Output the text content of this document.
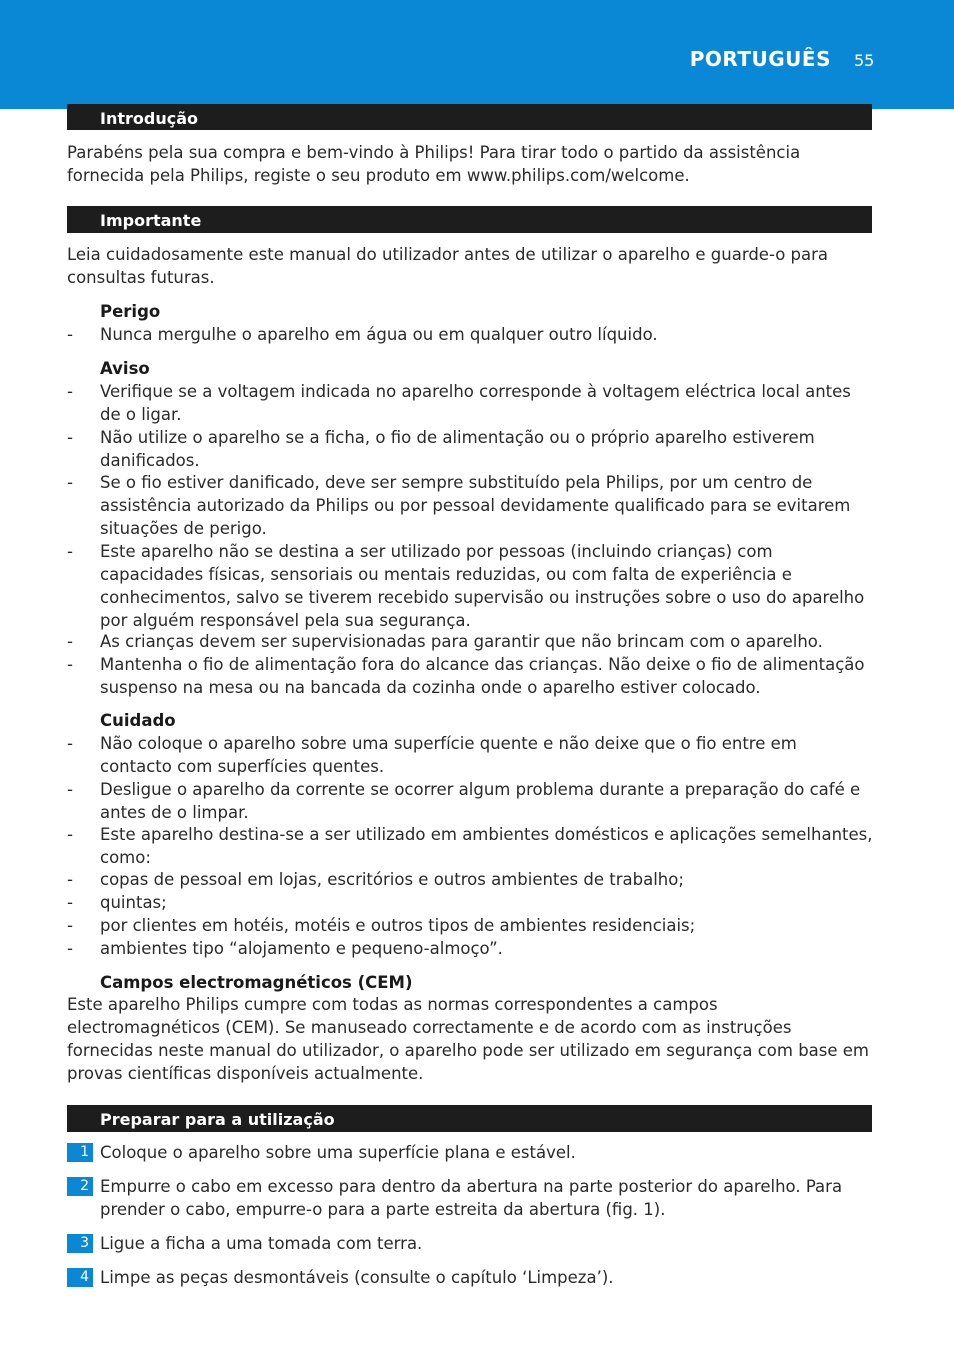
PORTUGUÊS 55
Introdução
Parabéns pela sua compra e bem-vindo à Philips! Para tirar todo o partido da assistência fornecida pela Philips, registe o seu produto em www.philips.com/welcome.
Importante
Leia cuidadosamente este manual do utilizador antes de utilizar o aparelho e guarde-o para consultas futuras.
Perigo
-	Nunca mergulhe o aparelho em água ou em qualquer outro líquido.
Aviso
-	Verifique se a voltagem indicada no aparelho corresponde à voltagem eléctrica local antes de o ligar.
-	Não utilize o aparelho se a ficha, o fio de alimentação ou o próprio aparelho estiverem danificados.
-	Se o fio estiver danificado, deve ser sempre substituído pela Philips, por um centro de assistência autorizado da Philips ou por pessoal devidamente qualificado para se evitarem situações de perigo.
-	Este aparelho não se destina a ser utilizado por pessoas (incluindo crianças) com capacidades físicas, sensoriais ou mentais reduzidas, ou com falta de experiência e conhecimentos, salvo se tiverem recebido supervisão ou instruções sobre o uso do aparelho por alguém responsável pela sua segurança.
-	As crianças devem ser supervisionadas para garantir que não brincam com o aparelho.
-	Mantenha o fio de alimentação fora do alcance das crianças. Não deixe o fio de alimentação suspenso na mesa ou na bancada da cozinha onde o aparelho estiver colocado.
Cuidado
-	Não coloque o aparelho sobre uma superfície quente e não deixe que o fio entre em contacto com superfícies quentes.
-	Desligue o aparelho da corrente se ocorrer algum problema durante a preparação do café e antes de o limpar.
-	Este aparelho destina-se a ser utilizado em ambientes domésticos e aplicações semelhantes, como:
-	copas de pessoal em lojas, escritórios e outros ambientes de trabalho;
-	quintas;
-	por clientes em hotéis, motéis e outros tipos de ambientes residenciais;
-	ambientes tipo “alojamento e pequeno-almoço”.
Campos electromagnéticos (CEM)
Este aparelho Philips cumpre com todas as normas correspondentes a campos electromagnéticos (CEM). Se manuseado correctamente e de acordo com as instruções fornecidas neste manual do utilizador, o aparelho pode ser utilizado em segurança com base em provas científicas disponíveis actualmente.
Preparar para a utilização
1 Coloque o aparelho sobre uma superfície plana e estável.
2 Empurre o cabo em excesso para dentro da abertura na parte posterior do aparelho. Para prender o cabo, empurre-o para a parte estreita da abertura (fig. 1).
3 Ligue a ficha a uma tomada com terra.
4 Limpe as peças desmontáveis (consulte o capítulo ‘Limpeza’).
